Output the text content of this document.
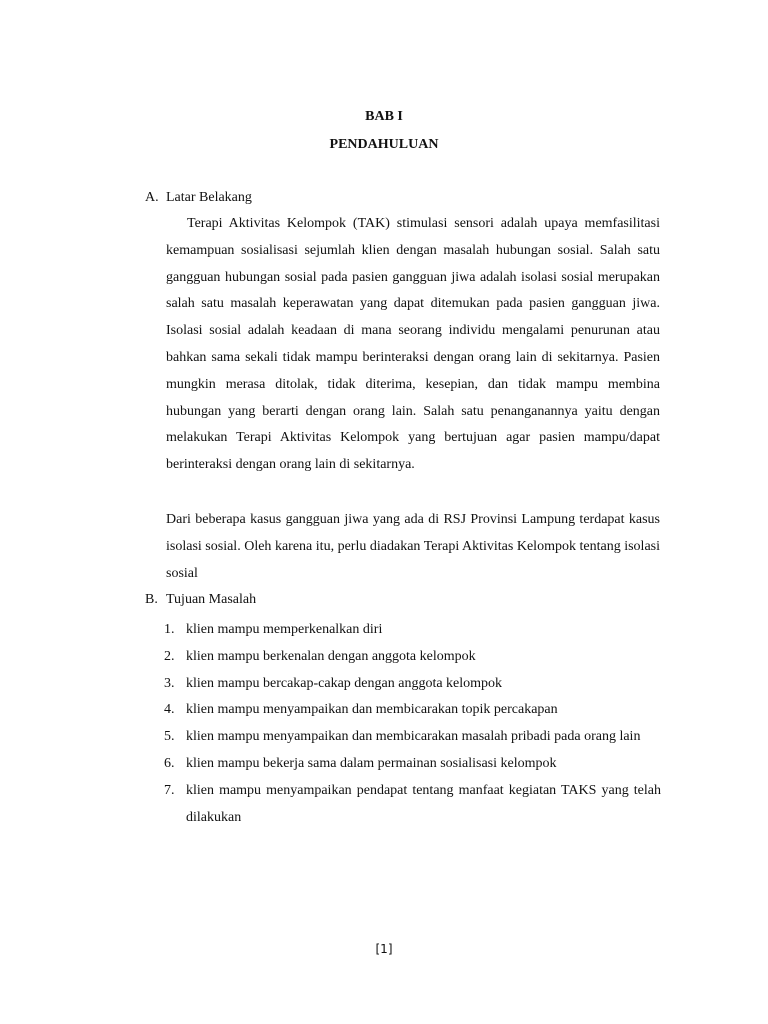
BAB I
PENDAHULUAN
A. Latar Belakang

Terapi Aktivitas Kelompok (TAK) stimulasi sensori adalah upaya memfasilitasi kemampuan sosialisasi sejumlah klien dengan masalah hubungan sosial. Salah satu gangguan hubungan sosial pada pasien gangguan jiwa adalah isolasi sosial merupakan salah satu masalah keperawatan yang dapat ditemukan pada pasien gangguan jiwa. Isolasi sosial adalah keadaan di mana seorang individu mengalami penurunan atau bahkan sama sekali tidak mampu berinteraksi dengan orang lain di sekitarnya. Pasien mungkin merasa ditolak, tidak diterima, kesepian, dan tidak mampu membina hubungan yang berarti dengan orang lain. Salah satu penanganannya yaitu dengan melakukan Terapi Aktivitas Kelompok yang bertujuan agar pasien mampu/dapat berinteraksi dengan orang lain di sekitarnya.

Dari beberapa kasus gangguan jiwa yang ada di RSJ Provinsi Lampung terdapat kasus isolasi sosial. Oleh karena itu, perlu diadakan Terapi Aktivitas Kelompok tentang isolasi sosial

B. Tujuan Masalah
1. klien mampu memperkenalkan diri
2. klien mampu berkenalan dengan anggota kelompok
3. klien mampu bercakap-cakap dengan anggota kelompok
4. klien mampu menyampaikan dan membicarakan topik percakapan
5. klien mampu menyampaikan dan membicarakan masalah pribadi pada orang lain
6. klien mampu bekerja sama dalam permainan sosialisasi kelompok
7. klien mampu menyampaikan pendapat tentang manfaat kegiatan TAKS yang telah dilakukan
[1]
